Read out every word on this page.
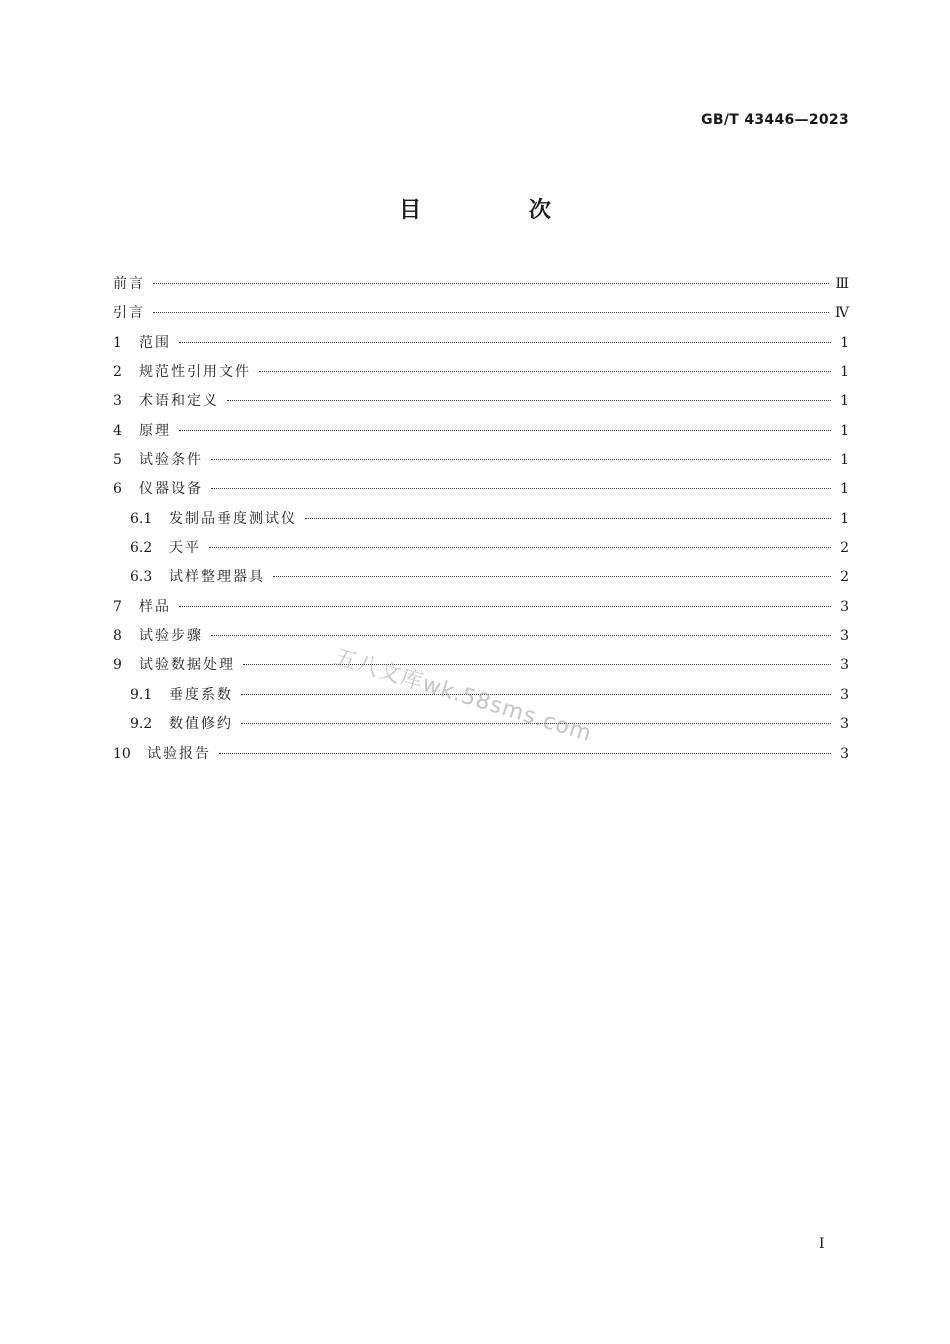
GB/T 43446—2023
目 次
前言	Ⅲ
引言	Ⅳ
1	范围	1
2	规范性引用文件	1
3	术语和定义	1
4	原理	1
5	试验条件	1
6	仪器设备	1
6.1	发制品垂度测试仪	1
6.2	天平	2
6.3	试样整理器具	2
7	样品	3
8	试验步骤	3
9	试验数据处理	3
9.1	垂度系数	3
9.2	数值修约	3
10	试验报告	3
五八文库wk.58sms.com
I
